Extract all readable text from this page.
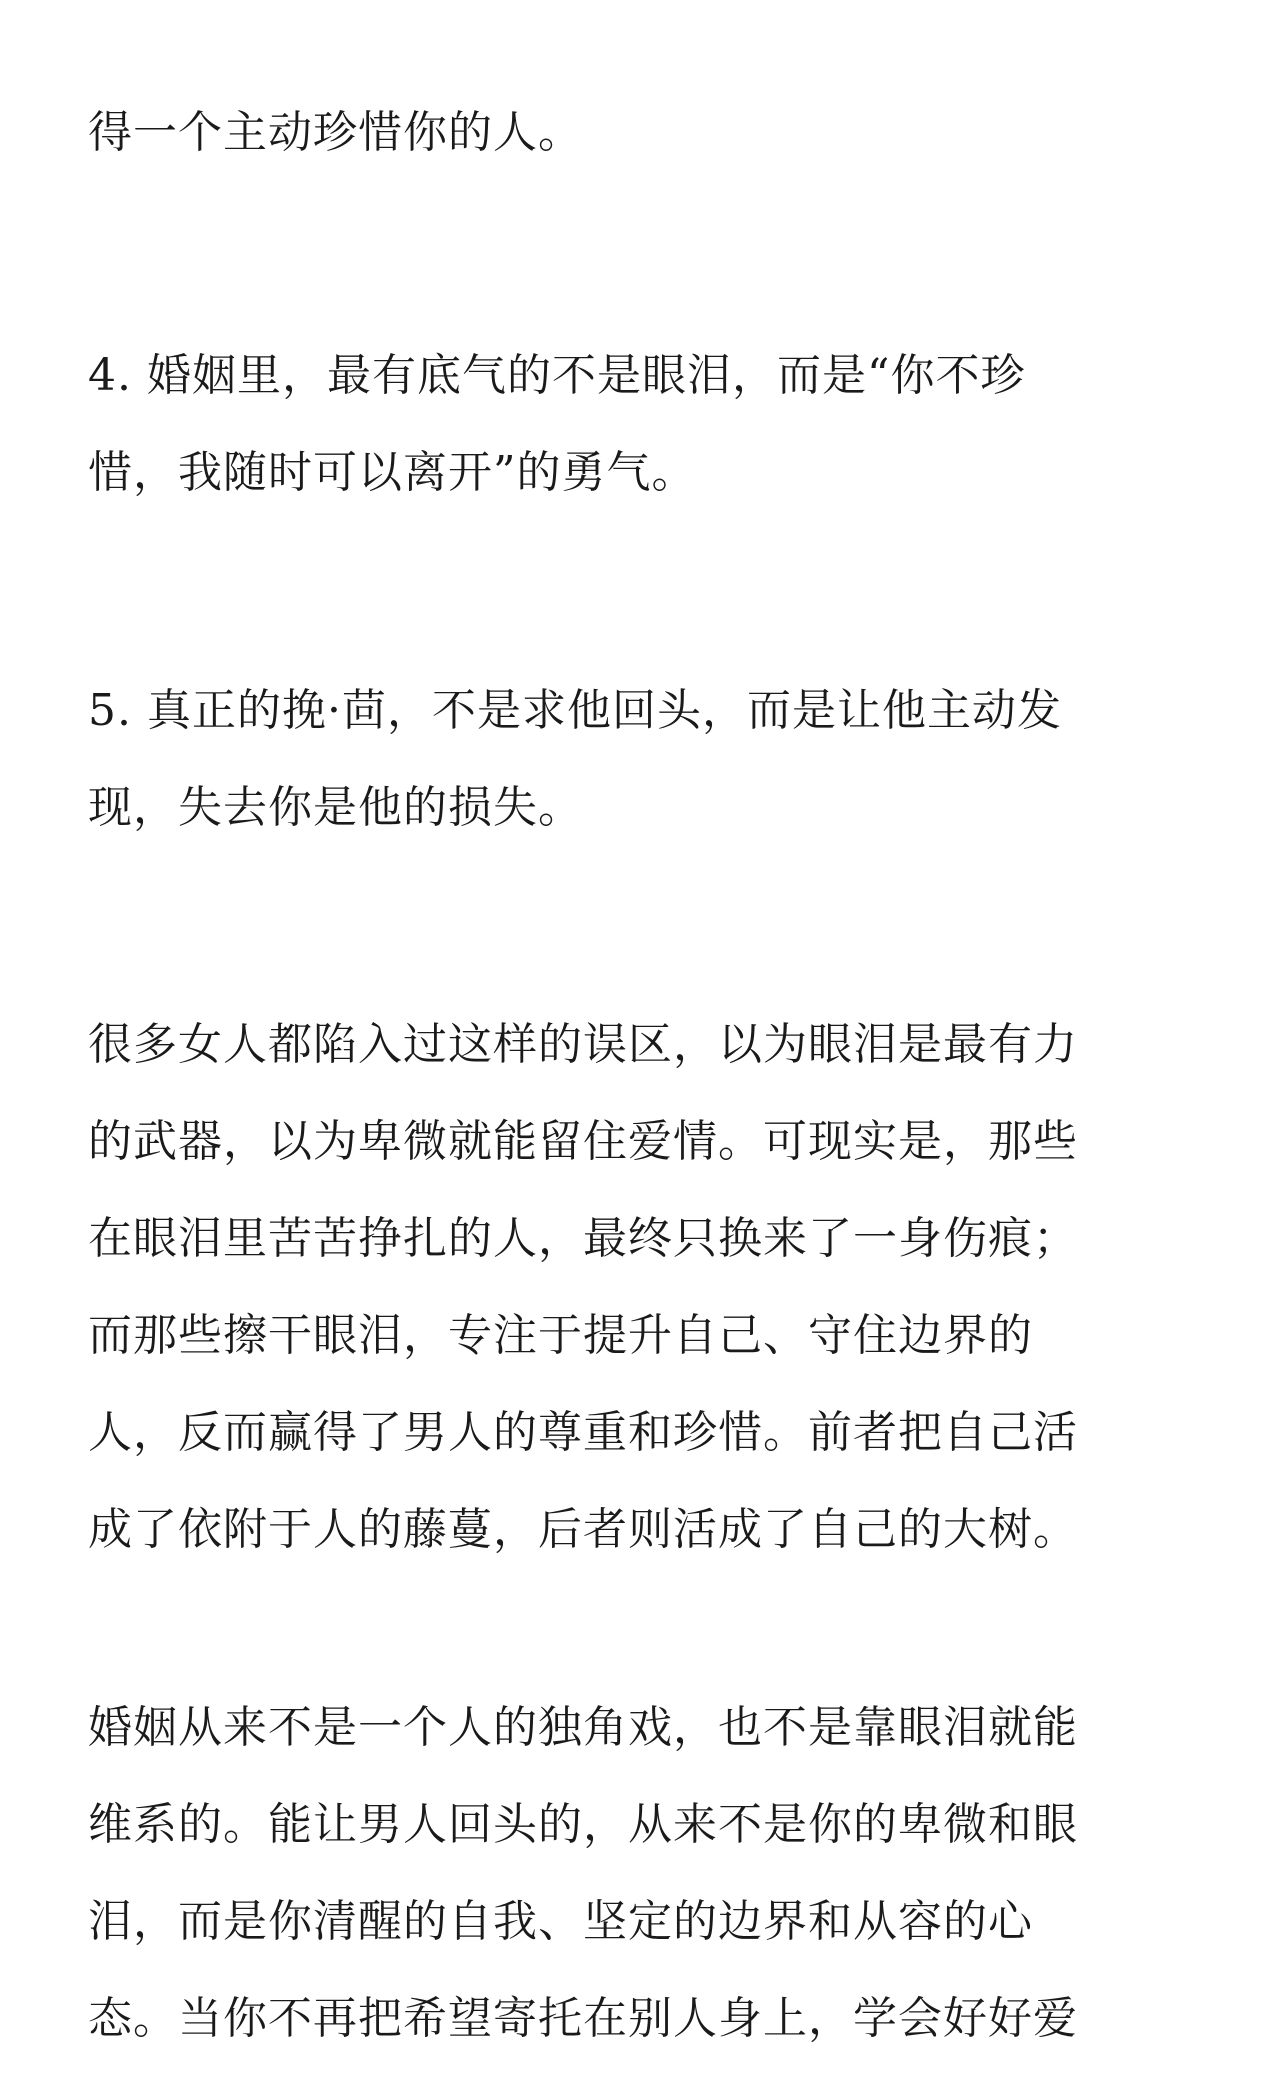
得一个主动珍惜你的人。

4. 婚姻里，最有底气的不是眼泪，而是“你不珍
惜，我随时可以离开”的勇气。

5. 真正的挽·茴，不是求他回头，而是让他主动发
现，失去你是他的损失。

很多女人都陷入过这样的误区，以为眼泪是最有力
的武器，以为卑微就能留住爱情。可现实是，那些
在眼泪里苦苦挣扎的人，最终只换来了一身伤痕；
而那些擦干眼泪，专注于提升自己、守住边界的
人，反而赢得了男人的尊重和珍惜。前者把自己活
成了依附于人的藤蔓，后者则活成了自己的大树。

婚姻从来不是一个人的独角戏，也不是靠眼泪就能
维系的。能让男人回头的，从来不是你的卑微和眼
泪，而是你清醒的自我、坚定的边界和从容的心
态。当你不再把希望寄托在别人身上，学会好好爱
